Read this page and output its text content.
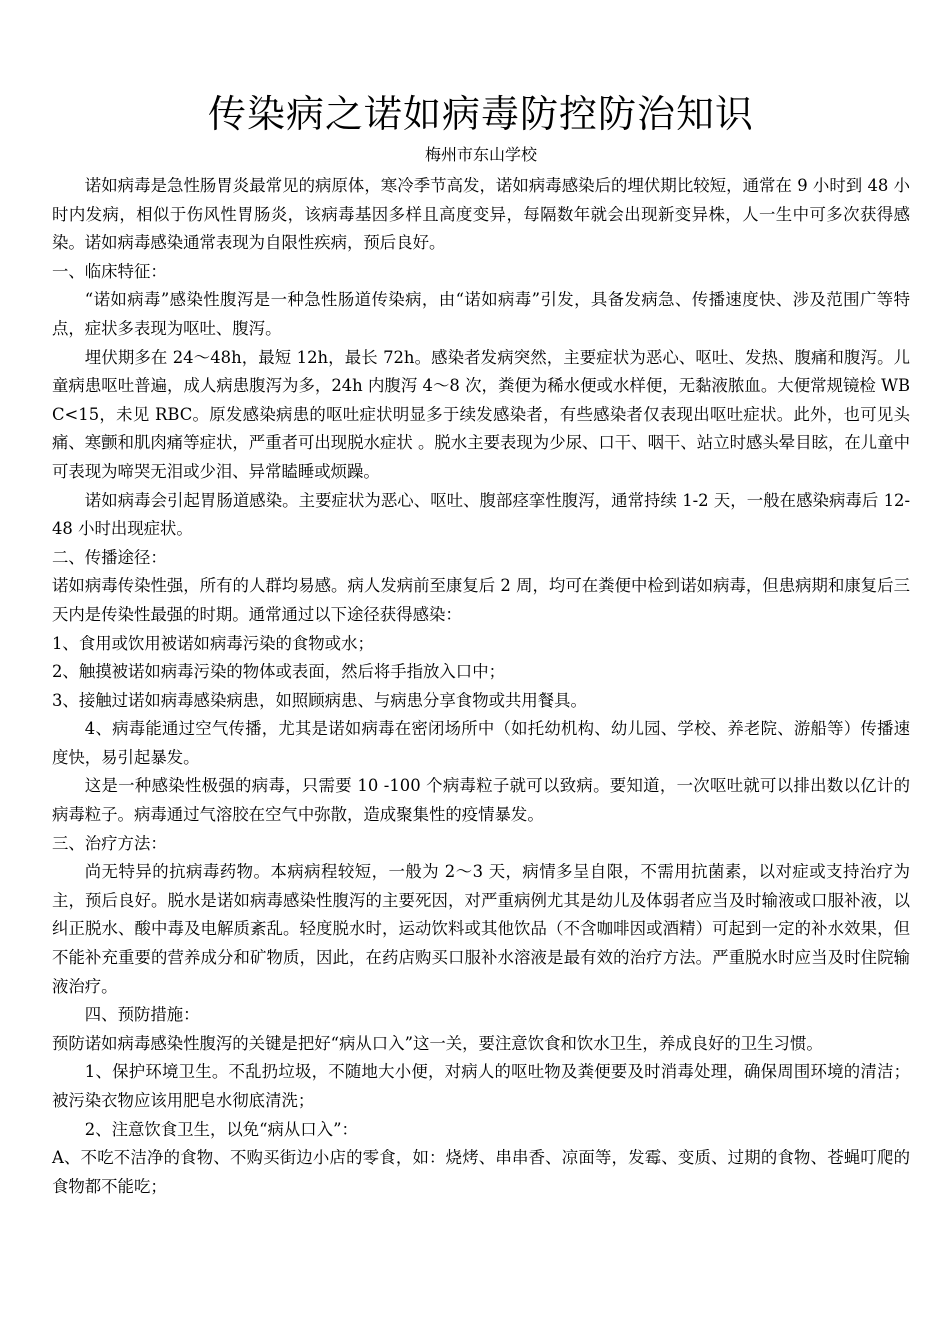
传染病之诺如病毒防控防治知识
梅州市东山学校

诺如病毒是急性肠胃炎最常见的病原体，寒冷季节高发，诺如病毒感染后的埋伏期比较短，通常在 9 小时到 48 小时内发病，相似于伤风性胃肠炎，该病毒基因多样且高度变异，每隔数年就会出现新变异株，人一生中可多次获得感染。诺如病毒感染通常表现为自限性疾病，预后良好。

一、临床特征：

“诺如病毒”感染性腹泻是一种急性肠道传染病，由“诺如病毒”引发，具备发病急、传播速度快、涉及范围广等特点，症状多表现为呕吐、腹泻。

埋伏期多在 24～48h，最短 12h，最长 72h。感染者发病突然，主要症状为恶心、呕吐、发热、腹痛和腹泻。儿童病患呕吐普遍，成人病患腹泻为多，24h 内腹泻 4～8 次，粪便为稀水便或水样便，无黏液脓血。大便常规镜检 WBC<15，未见 RBC。原发感染病患的呕吐症状明显多于续发感染者，有些感染者仅表现出呕吐症状。此外，也可见头痛、寒颤和肌肉痛等症状，严重者可出现脱水症状 。脱水主要表现为少尿、口干、咽干、站立时感头晕目眩，在儿童中可表现为啼哭无泪或少泪、异常瞌睡或烦躁。

诺如病毒会引起胃肠道感染。主要症状为恶心、呕吐、腹部痉挛性腹泻，通常持续 1-2 天，一般在感染病毒后 12-48 小时出现症状。

二、传播途径：

诺如病毒传染性强，所有的人群均易感。病人发病前至康复后 2 周，均可在粪便中检到诺如病毒，但患病期和康复后三天内是传染性最强的时期。通常通过以下途径获得感染：

1、食用或饮用被诺如病毒污染的食物或水；

2、触摸被诺如病毒污染的物体或表面，然后将手指放入口中；

3、接触过诺如病毒感染病患，如照顾病患、与病患分享食物或共用餐具。

4、病毒能通过空气传播，尤其是诺如病毒在密闭场所中（如托幼机构、幼儿园、学校、养老院、游船等）传播速度快，易引起暴发。

这是一种感染性极强的病毒，只需要 10 -100 个病毒粒子就可以致病。要知道，一次呕吐就可以排出数以亿计的病毒粒子。病毒通过气溶胶在空气中弥散，造成聚集性的疫情暴发。

三、治疗方法：

尚无特异的抗病毒药物。本病病程较短，一般为 2～3 天，病情多呈自限，不需用抗菌素，以对症或支持治疗为主，预后良好。脱水是诺如病毒感染性腹泻的主要死因，对严重病例尤其是幼儿及体弱者应当及时输液或口服补液，以纠正脱水、酸中毒及电解质紊乱。轻度脱水时，运动饮料或其他饮品（不含咖啡因或酒精）可起到一定的补水效果，但不能补充重要的营养成分和矿物质，因此，在药店购买口服补水溶液是最有效的治疗方法。严重脱水时应当及时住院输液治疗。

四、预防措施：

预防诺如病毒感染性腹泻的关键是把好“病从口入”这一关，要注意饮食和饮水卫生，养成良好的卫生习惯。

1、保护环境卫生。不乱扔垃圾，不随地大小便，对病人的呕吐物及粪便要及时消毒处理，确保周围环境的清洁；被污染衣物应该用肥皂水彻底清洗；

2、注意饮食卫生，以免“病从口入”：

A、不吃不洁净的食物、不购买街边小店的零食，如：烧烤、串串香、凉面等，发霉、变质、过期的食物、苍蝇叮爬的食物都不能吃；
